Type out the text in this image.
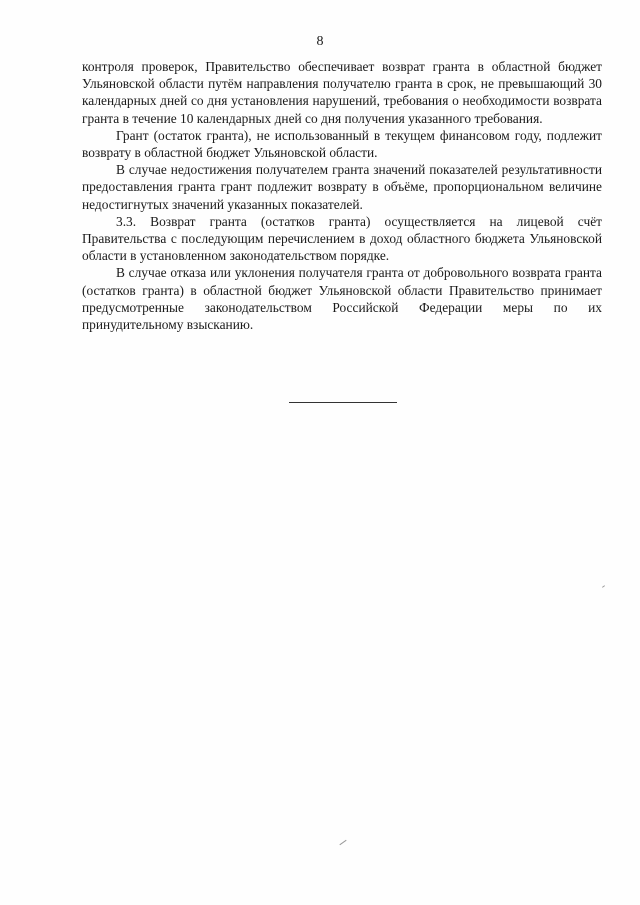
8

контроля проверок, Правительство обеспечивает возврат гранта в областной бюджет Ульяновской области путём направления получателю гранта в срок, не превышающий 30 календарных дней со дня установления нарушений, требования о необходимости возврата гранта в течение 10 календарных дней со дня получения указанного требования.

Грант (остаток гранта), не использованный в текущем финансовом году, подлежит возврату в областной бюджет Ульяновской области.

В случае недостижения получателем гранта значений показателей результативности предоставления гранта грант подлежит возврату в объёме, пропорциональном величине недостигнутых значений указанных показателей.

3.3. Возврат гранта (остатков гранта) осуществляется на лицевой счёт Правительства с последующим перечислением в доход областного бюджета Ульяновской области в установленном законодательством порядке.

В случае отказа или уклонения получателя гранта от добровольного возврата гранта (остатков гранта) в областной бюджет Ульяновской области Правительство принимает предусмотренные законодательством Российской Федерации меры по их принудительному взысканию.
